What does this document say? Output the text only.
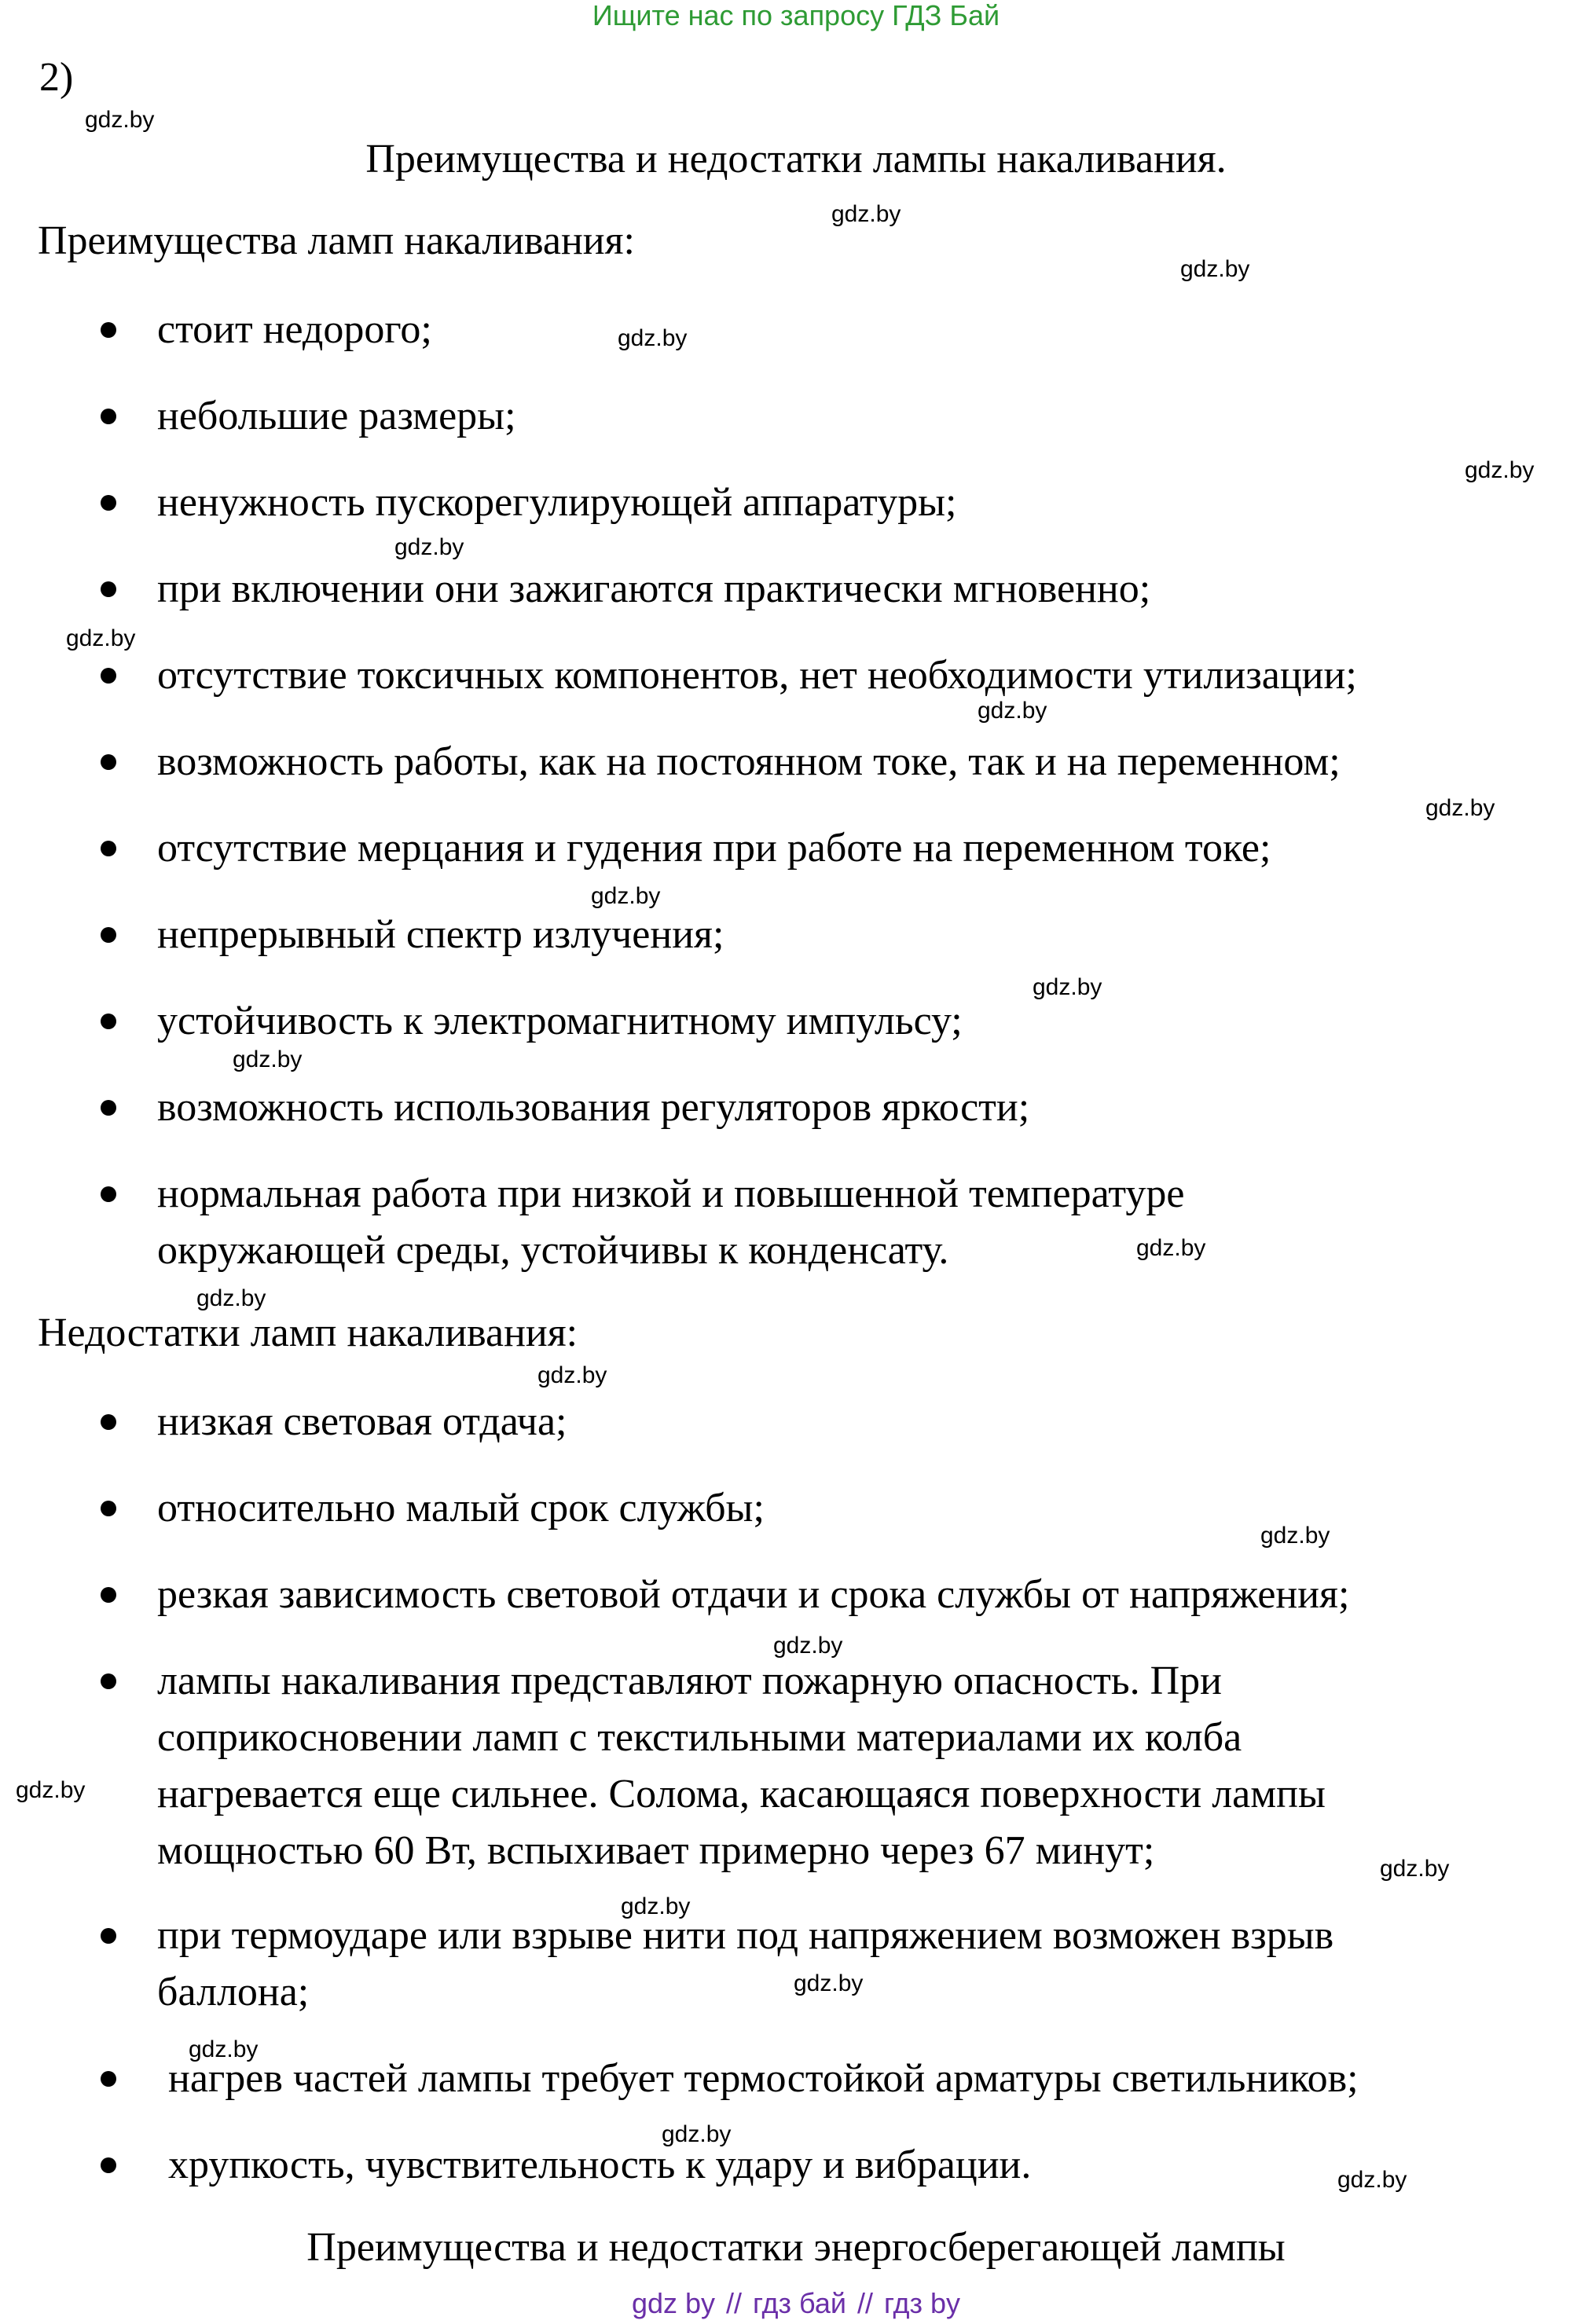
Ищите нас по запросу ГДЗ Бай
2)
Преимущества и недостатки лампы накаливания.
Преимущества ламп накаливания:
стоит недорого;
небольшие размеры;
ненужность пускорегулирующей аппаратуры;
при включении они зажигаются практически мгновенно;
отсутствие токсичных компонентов, нет необходимости утилизации;
возможность работы, как на постоянном токе, так и на переменном;
отсутствие мерцания и гудения при работе на переменном токе;
непрерывный спектр излучения;
устойчивость к электромагнитному импульсу;
возможность использования регуляторов яркости;
нормальная работа при низкой и повышенной температуре
окружающей среды, устойчивы к конденсату.
Недостатки ламп накаливания:
низкая световая отдача;
относительно малый срок службы;
резкая зависимость световой отдачи и срока службы от напряжения;
лампы накаливания представляют пожарную опасность. При
соприкосновении ламп с текстильными материалами их колба
нагревается еще сильнее. Солома, касающаяся поверхности лампы
мощностью 60 Вт, вспыхивает примерно через 67 минут;
при термоударе или взрыве нити под напряжением возможен взрыв
баллона;
нагрев частей лампы требует термостойкой арматуры светильников;
хрупкость, чувствительность к удару и вибрации.
Преимущества и недостатки энергосберегающей лампы
gdz.by
gdz.by
gdz.by
gdz.by
gdz.by
gdz.by
gdz.by
gdz.by
gdz.by
gdz.by
gdz.by
gdz.by
gdz.by
gdz.by
gdz.by
gdz.by
gdz.by
gdz.by
gdz.by
gdz.by
gdz.by
gdz.by
gdz.by
gdz.by
gdz by // гдз бай // гдз by
